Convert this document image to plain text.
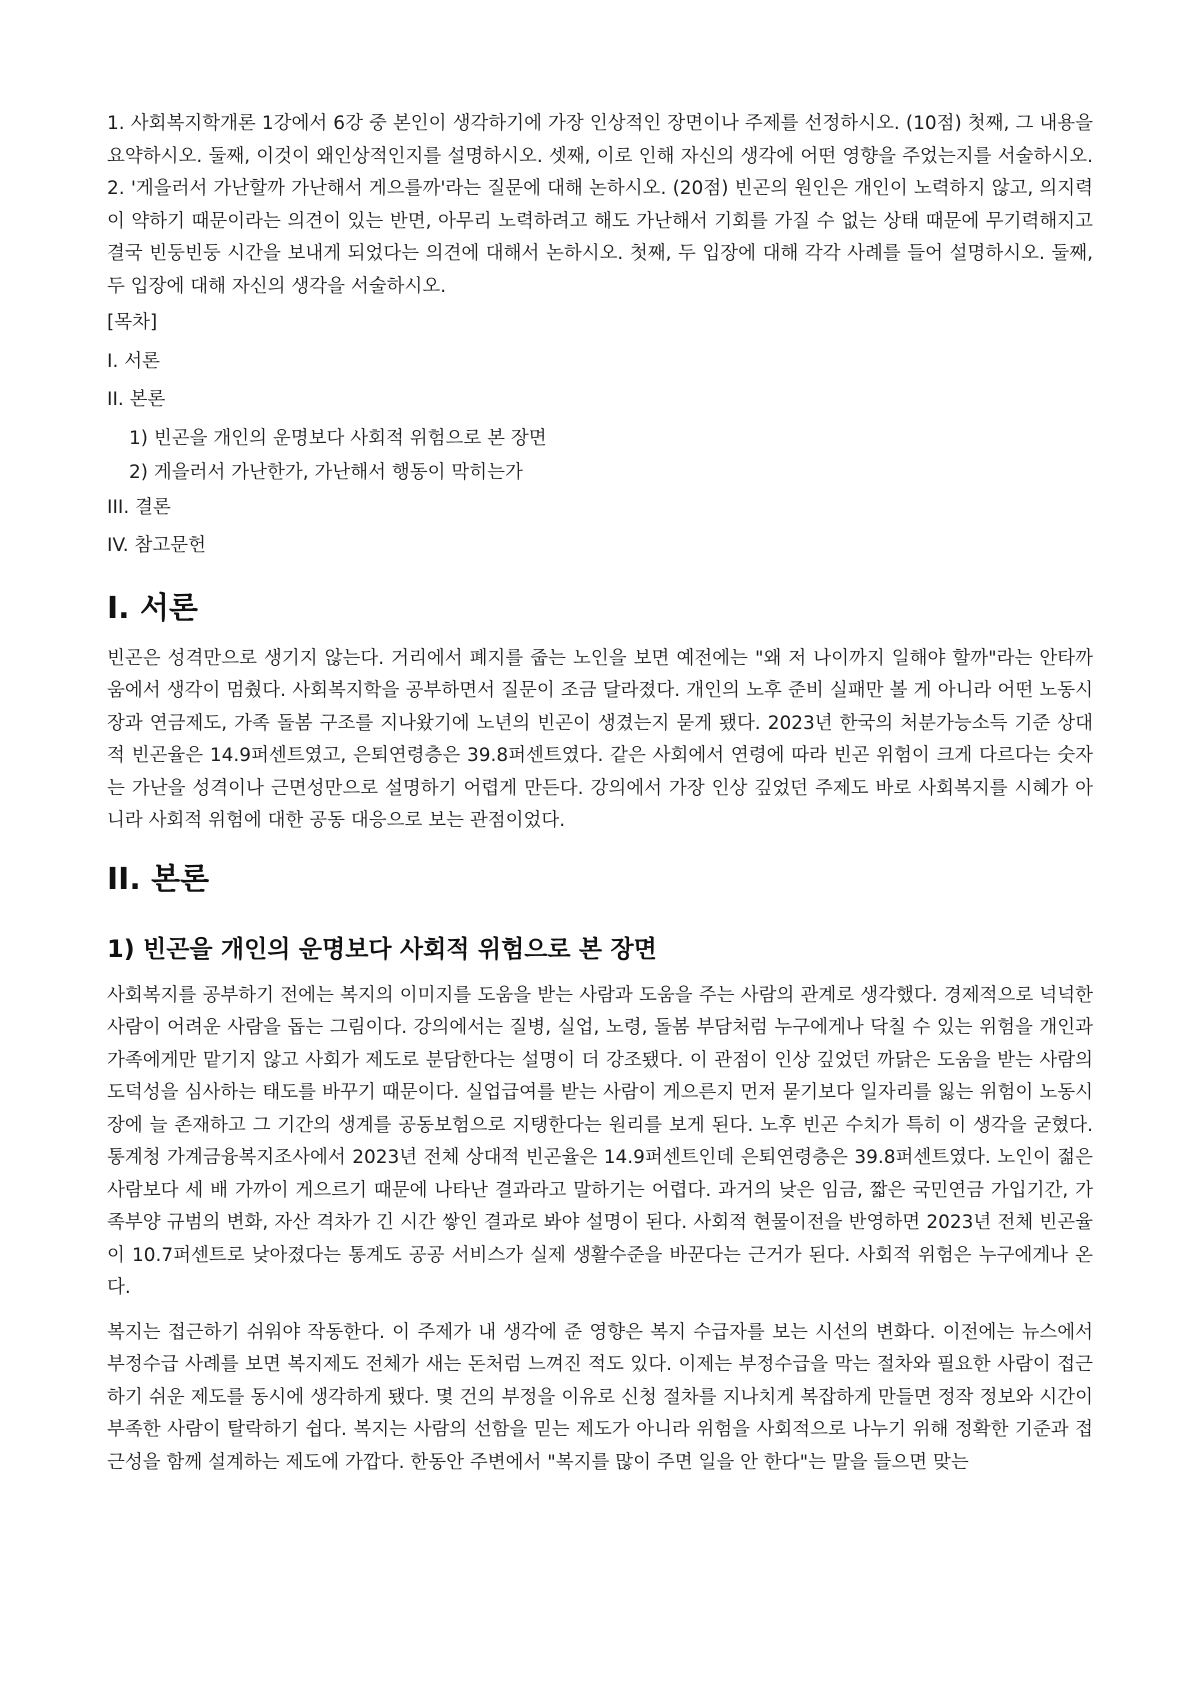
1. 사회복지학개론 1강에서 6강 중 본인이 생각하기에 가장 인상적인 장면이나 주제를 선정하시오. (10점) 첫째, 그 내용을 요약하시오. 둘째, 이것이 왜인상적인지를 설명하시오. 셋째, 이로 인해 자신의 생각에 어떤 영향을 주었는지를 서술하시오. 2. '게을러서 가난할까 가난해서 게으를까'라는 질문에 대해 논하시오. (20점) 빈곤의 원인은 개인이 노력하지 않고, 의지력이 약하기 때문이라는 의견이 있는 반면, 아무리 노력하려고 해도 가난해서 기회를 가질 수 없는 상태 때문에 무기력해지고 결국 빈둥빈둥 시간을 보내게 되었다는 의견에 대해서 논하시오. 첫째, 두 입장에 대해 각각 사례를 들어 설명하시오. 둘째, 두 입장에 대해 자신의 생각을 서술하시오.

[목차]

I. 서론

II. 본론

1) 빈곤을 개인의 운명보다 사회적 위험으로 본 장면

2) 게을러서 가난한가, 가난해서 행동이 막히는가

III. 결론

IV. 참고문헌

I. 서론

빈곤은 성격만으로 생기지 않는다. 거리에서 폐지를 줍는 노인을 보면 예전에는 "왜 저 나이까지 일해야 할까"라는 안타까움에서 생각이 멈췄다. 사회복지학을 공부하면서 질문이 조금 달라졌다. 개인의 노후 준비 실패만 볼 게 아니라 어떤 노동시장과 연금제도, 가족 돌봄 구조를 지나왔기에 노년의 빈곤이 생겼는지 묻게 됐다. 2023년 한국의 처분가능소득 기준 상대적 빈곤율은 14.9퍼센트였고, 은퇴연령층은 39.8퍼센트였다. 같은 사회에서 연령에 따라 빈곤 위험이 크게 다르다는 숫자는 가난을 성격이나 근면성만으로 설명하기 어렵게 만든다. 강의에서 가장 인상 깊었던 주제도 바로 사회복지를 시혜가 아니라 사회적 위험에 대한 공동 대응으로 보는 관점이었다.

II. 본론
1) 빈곤을 개인의 운명보다 사회적 위험으로 본 장면

사회복지를 공부하기 전에는 복지의 이미지를 도움을 받는 사람과 도움을 주는 사람의 관계로 생각했다. 경제적으로 넉넉한 사람이 어려운 사람을 돕는 그림이다. 강의에서는 질병, 실업, 노령, 돌봄 부담처럼 누구에게나 닥칠 수 있는 위험을 개인과 가족에게만 맡기지 않고 사회가 제도로 분담한다는 설명이 더 강조됐다. 이 관점이 인상 깊었던 까닭은 도움을 받는 사람의 도덕성을 심사하는 태도를 바꾸기 때문이다. 실업급여를 받는 사람이 게으른지 먼저 묻기보다 일자리를 잃는 위험이 노동시장에 늘 존재하고 그 기간의 생계를 공동보험으로 지탱한다는 원리를 보게 된다. 노후 빈곤 수치가 특히 이 생각을 굳혔다. 통계청 가계금융복지조사에서 2023년 전체 상대적 빈곤율은 14.9퍼센트인데 은퇴연령층은 39.8퍼센트였다. 노인이 젊은 사람보다 세 배 가까이 게으르기 때문에 나타난 결과라고 말하기는 어렵다. 과거의 낮은 임금, 짧은 국민연금 가입기간, 가족부양 규범의 변화, 자산 격차가 긴 시간 쌓인 결과로 봐야 설명이 된다. 사회적 현물이전을 반영하면 2023년 전체 빈곤율이 10.7퍼센트로 낮아졌다는 통계도 공공 서비스가 실제 생활수준을 바꾼다는 근거가 된다. 사회적 위험은 누구에게나 온다.

복지는 접근하기 쉬워야 작동한다. 이 주제가 내 생각에 준 영향은 복지 수급자를 보는 시선의 변화다. 이전에는 뉴스에서 부정수급 사례를 보면 복지제도 전체가 새는 돈처럼 느껴진 적도 있다. 이제는 부정수급을 막는 절차와 필요한 사람이 접근하기 쉬운 제도를 동시에 생각하게 됐다. 몇 건의 부정을 이유로 신청 절차를 지나치게 복잡하게 만들면 정작 정보와 시간이 부족한 사람이 탈락하기 쉽다. 복지는 사람의 선함을 믿는 제도가 아니라 위험을 사회적으로 나누기 위해 정확한 기준과 접근성을 함께 설계하는 제도에 가깝다. 한동안 주변에서 "복지를 많이 주면 일을 안 한다"는 말을 들으면 맞는
